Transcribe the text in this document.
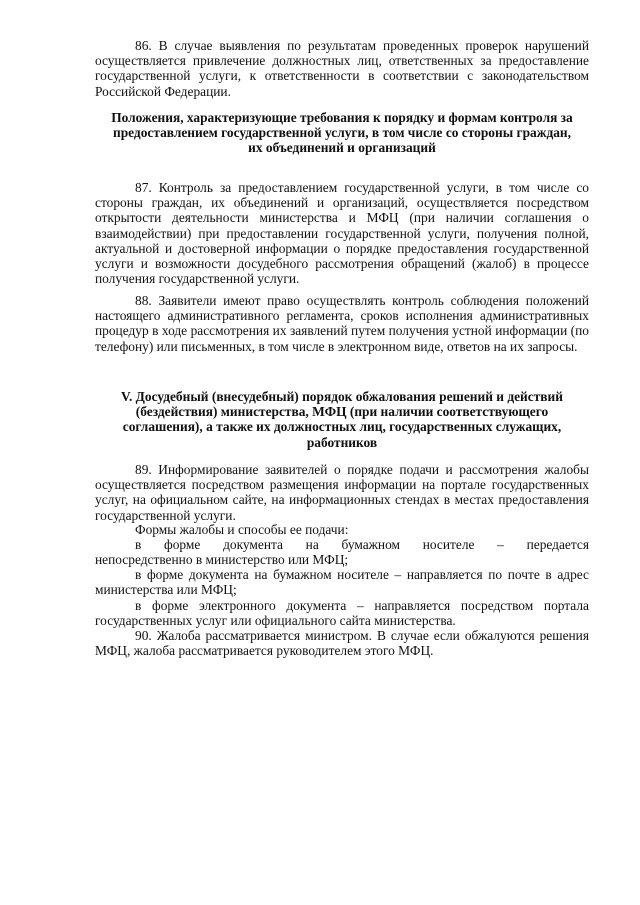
86. В случае выявления по результатам проведенных проверок нарушений осуществляется привлечение должностных лиц, ответственных за предоставление государственной услуги, к ответственности в соответствии с законодательством Российской Федерации.

Положения, характеризующие требования к порядку и формам контроля за предоставлением государственной услуги, в том числе со стороны граждан, их объединений и организаций

87. Контроль за предоставлением государственной услуги, в том числе со стороны граждан, их объединений и организаций, осуществляется посредством открытости деятельности министерства и МФЦ (при наличии соглашения о взаимодействии) при предоставлении государственной услуги, получения полной, актуальной и достоверной информации о порядке предоставления государственной услуги и возможности досудебного рассмотрения обращений (жалоб) в процессе получения государственной услуги.

88. Заявители имеют право осуществлять контроль соблюдения положений настоящего административного регламента, сроков исполнения административных процедур в ходе рассмотрения их заявлений путем получения устной информации (по телефону) или письменных, в том числе в электронном виде, ответов на их запросы.

V. Досудебный (внесудебный) порядок обжалования решений и действий (бездействия) министерства, МФЦ (при наличии соответствующего соглашения), а также их должностных лиц, государственных служащих, работников

89. Информирование заявителей о порядке подачи и рассмотрения жалобы осуществляется посредством размещения информации на портале государственных услуг, на официальном сайте, на информационных стендах в местах предоставления государственной услуги.

Формы жалобы и способы ее подачи:

в форме документа на бумажном носителе – передается

непосредственно в министерство или МФЦ;

в форме документа на бумажном носителе – направляется по почте в адрес министерства или МФЦ;

в форме электронного документа – направляется посредством портала государственных услуг или официального сайта министерства.

90. Жалоба рассматривается министром. В случае если обжалуются решения МФЦ, жалоба рассматривается руководителем этого МФЦ.
